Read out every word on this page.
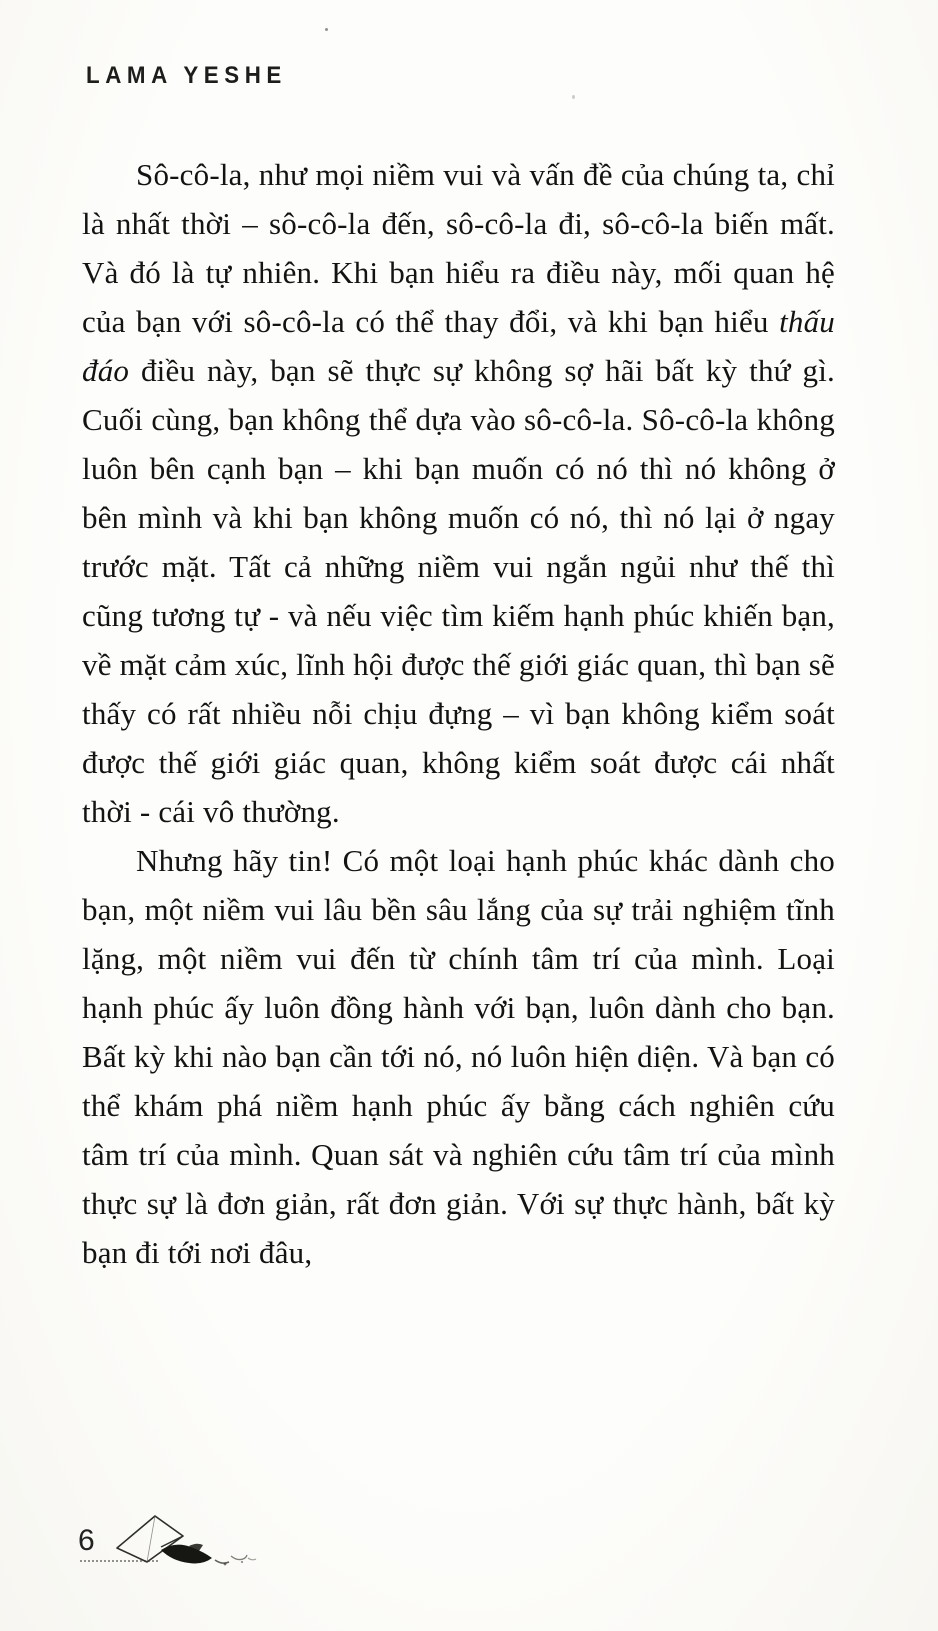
LAMA YESHE

Sô-cô-la, như mọi niềm vui và vấn đề của chúng ta, chỉ là nhất thời – sô-cô-la đến, sô-cô-la đi, sô-cô-la biến mất. Và đó là tự nhiên. Khi bạn hiểu ra điều này, mối quan hệ của bạn với sô-cô-la có thể thay đổi, và khi bạn hiểu thấu đáo điều này, bạn sẽ thực sự không sợ hãi bất kỳ thứ gì. Cuối cùng, bạn không thể dựa vào sô-cô-la. Sô-cô-la không luôn bên cạnh bạn – khi bạn muốn có nó thì nó không ở bên mình và khi bạn không muốn có nó, thì nó lại ở ngay trước mặt. Tất cả những niềm vui ngắn ngủi như thế thì cũng tương tự - và nếu việc tìm kiếm hạnh phúc khiến bạn, về mặt cảm xúc, lĩnh hội được thế giới giác quan, thì bạn sẽ thấy có rất nhiều nỗi chịu đựng – vì bạn không kiểm soát được thế giới giác quan, không kiểm soát được cái nhất thời - cái vô thường.

Nhưng hãy tin! Có một loại hạnh phúc khác dành cho bạn, một niềm vui lâu bền sâu lắng của sự trải nghiệm tĩnh lặng, một niềm vui đến từ chính tâm trí của mình. Loại hạnh phúc ấy luôn đồng hành với bạn, luôn dành cho bạn. Bất kỳ khi nào bạn cần tới nó, nó luôn hiện diện. Và bạn có thể khám phá niềm hạnh phúc ấy bằng cách nghiên cứu tâm trí của mình. Quan sát và nghiên cứu tâm trí của mình thực sự là đơn giản, rất đơn giản. Với sự thực hành, bất kỳ bạn đi tới nơi đâu,

6
